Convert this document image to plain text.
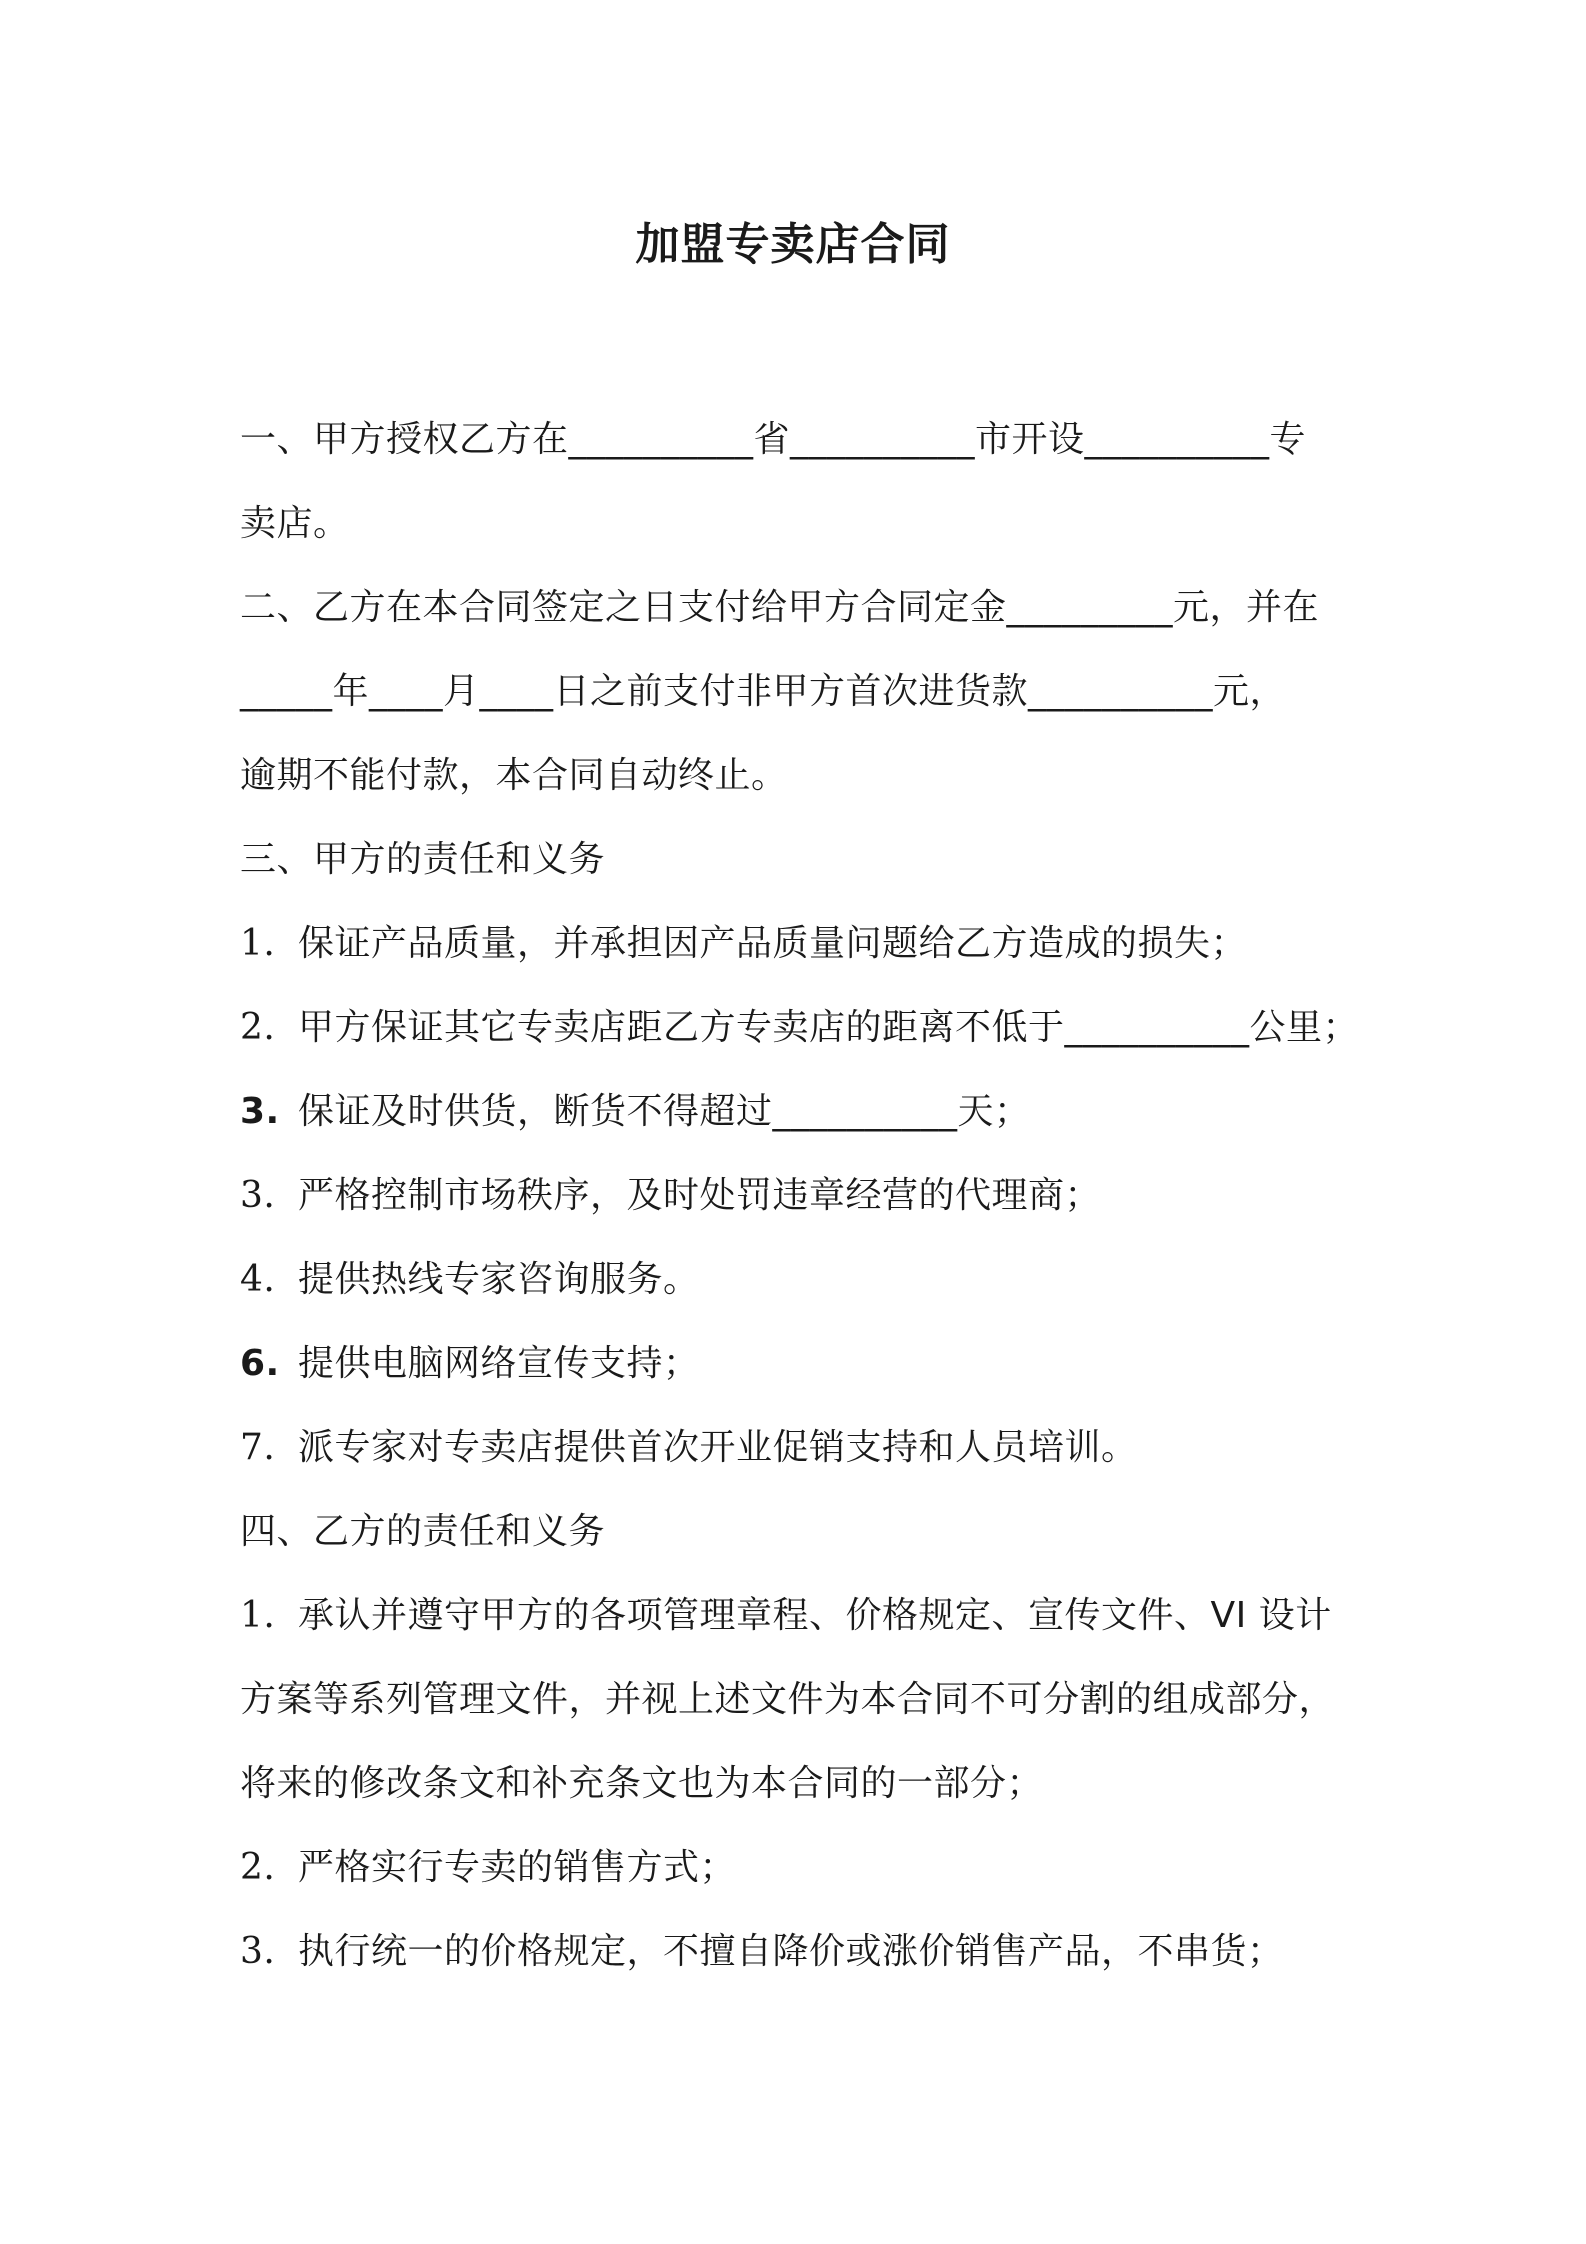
加盟专卖店合同
一、甲方授权乙方在__________省__________市开设__________专
卖店。
二、乙方在本合同签定之日支付给甲方合同定金_________元，并在
_____年____月____日之前支付非甲方首次进货款__________元，
逾期不能付款，本合同自动终止。
三、甲方的责任和义务
1. 保证产品质量，并承担因产品质量问题给乙方造成的损失；
2. 甲方保证其它专卖店距乙方专卖店的距离不低于__________公里；
3. 保证及时供货，断货不得超过__________天；
3. 严格控制市场秩序，及时处罚违章经营的代理商；
4. 提供热线专家咨询服务。
6. 提供电脑网络宣传支持；
7. 派专家对专卖店提供首次开业促销支持和人员培训。
四、乙方的责任和义务
1. 承认并遵守甲方的各项管理章程、价格规定、宣传文件、VI 设计
方案等系列管理文件，并视上述文件为本合同不可分割的组成部分，
将来的修改条文和补充条文也为本合同的一部分；
2. 严格实行专卖的销售方式；
3. 执行统一的价格规定，不擅自降价或涨价销售产品，不串货；
